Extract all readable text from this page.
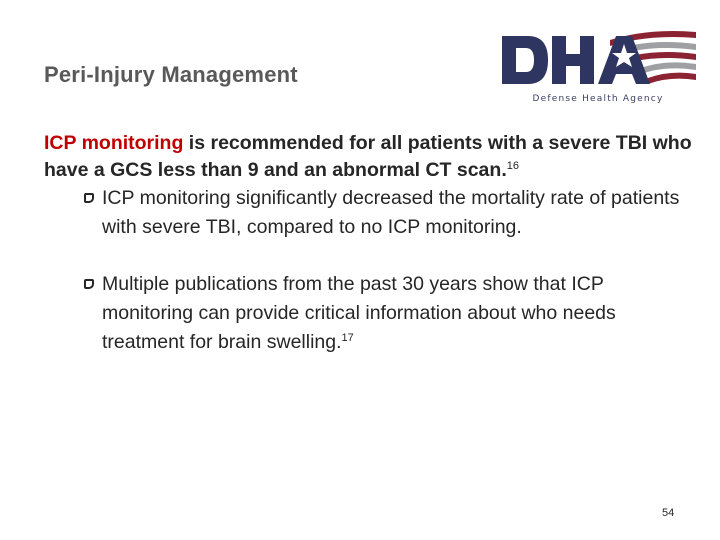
Peri-Injury Management
Defense Health Agency

ICP monitoring is recommended for all patients with a severe TBI who have a GCS less than 9 and an abnormal CT scan.$^{16}$

ICP monitoring significantly decreased the mortality rate of patients with severe TBI, compared to no ICP monitoring.

Multiple publications from the past 30 years show that ICP monitoring can provide critical information about who needs treatment for brain swelling.$^{17}$

54
